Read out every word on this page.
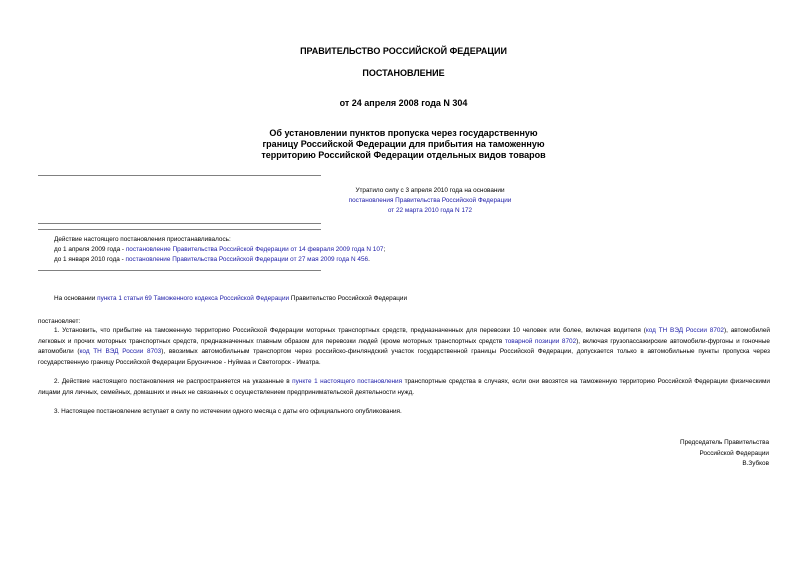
ПРАВИТЕЛЬСТВО РОССИЙСКОЙ ФЕДЕРАЦИИ
ПОСТАНОВЛЕНИЕ
от 24 апреля 2008 года N 304
Об установлении пунктов пропуска через государственную
границу Российской Федерации для прибытия на таможенную
территорию Российской Федерации отдельных видов товаров
Утратило силу с 3 апреля 2010 года на основании
постановления Правительства Российской Федерации
от 22 марта 2010 года N 172
Действие настоящего постановления приостанавливалось:
до 1 апреля 2009 года - постановление Правительства Российской Федерации от 14 февраля 2009 года N 107;
до 1 января 2010 года - постановление Правительства Российской Федерации от 27 мая 2009 года N 456.
На основании пункта 1 статьи 69 Таможенного кодекса Российской Федерации Правительство Российской Федерации
постановляет:
1. Установить, что прибытие на таможенную территорию Российской Федерации моторных транспортных средств, предназначенных для перевозки 10 человек или более, включая водителя (код ТН ВЭД России 8702), автомобилей легковых и прочих моторных транспортных средств, предназначенных главным образом для перевозки людей (кроме моторных транспортных средств товарной позиции 8702), включая грузопассажирские автомобили-фургоны и гоночные автомобили (код ТН ВЭД России 8703), ввозимых автомобильным транспортом через российско-финляндский участок государственной границы Российской Федерации, допускается только в автомобильные пункты пропуска через государственную границу Российской Федерации Брусничное - Нуймаа и Светогорск - Иматра.
2. Действие настоящего постановления не распространяется на указанные в пункте 1 настоящего постановления транспортные средства в случаях, если они ввозятся на таможенную территорию Российской Федерации физическими лицами для личных, семейных, домашних и иных не связанных с осуществлением предпринимательской деятельности нужд.
3. Настоящее постановление вступает в силу по истечении одного месяца с даты его официального опубликования.
Председатель Правительства
Российской Федерации
В.Зубков
